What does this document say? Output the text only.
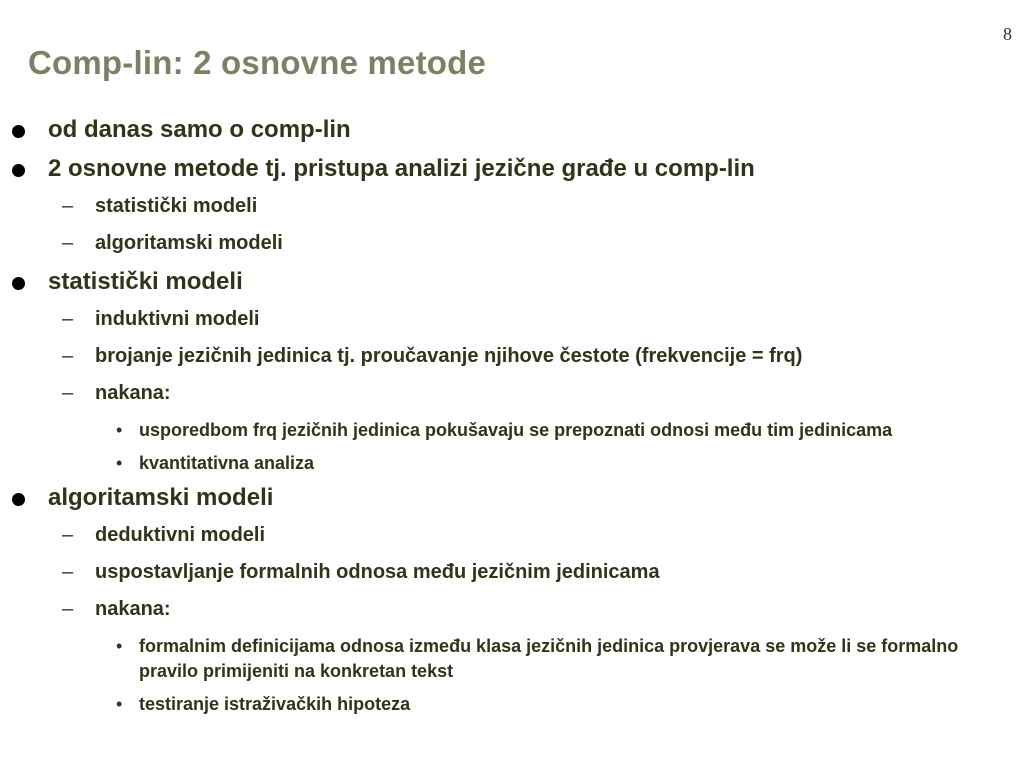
8
Comp-lin: 2 osnovne metode
od danas samo o comp-lin
2 osnovne metode tj. pristupa analizi jezične građe u comp-lin
– statistički modeli
– algoritamski modeli
statistički modeli
– induktivni modeli
– brojanje jezičnih jedinica tj. proučavanje njihove čestote (frekvencije = frq)
– nakana:
• usporedbom frq jezičnih jedinica pokušavaju se prepoznati odnosi među tim jedinicama
• kvantitativna analiza
algoritamski modeli
– deduktivni modeli
– uspostavljanje formalnih odnosa među jezičnim jedinicama
– nakana:
• formalnim definicijama odnosa između klasa jezičnih jedinica provjerava se može li se formalno pravilo primijeniti na konkretan tekst
• testiranje istraživačkih hipoteza
